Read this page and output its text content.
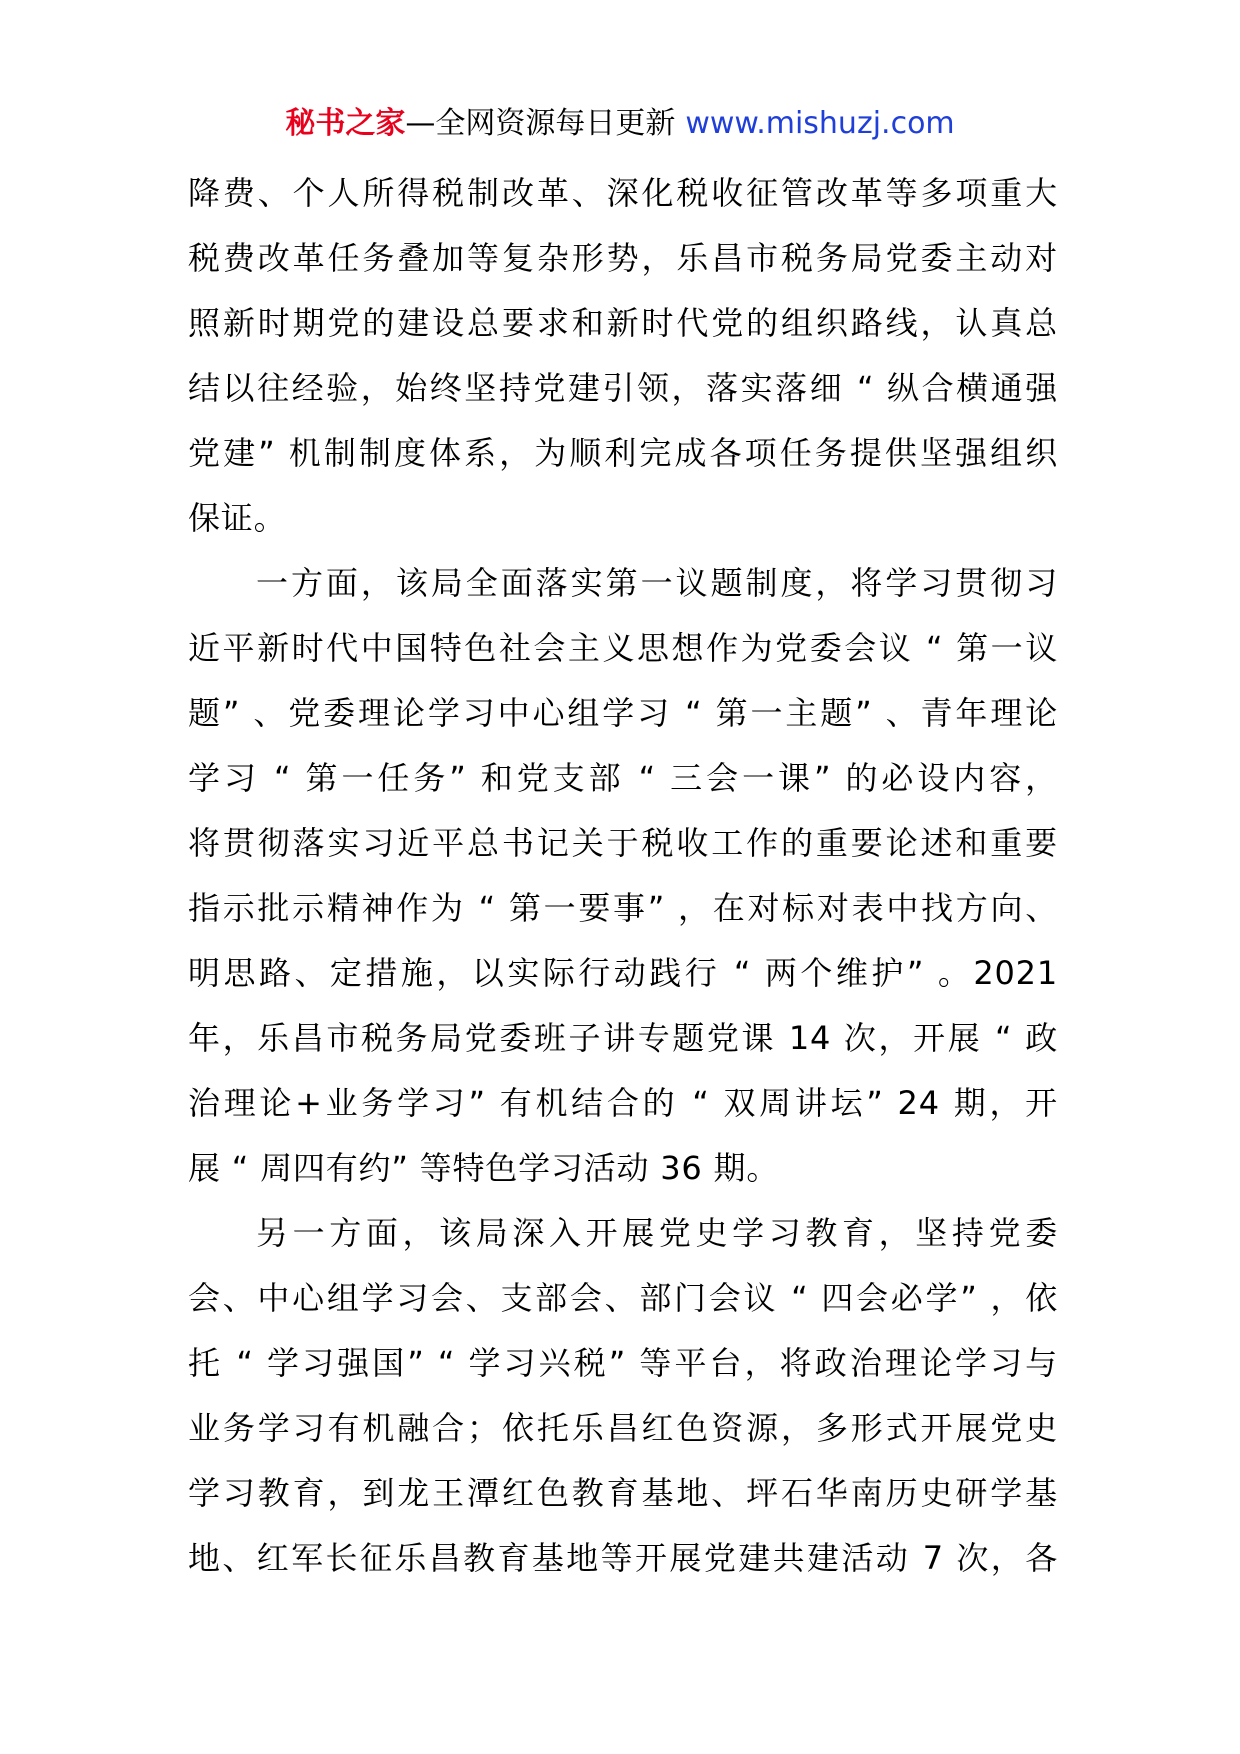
秘书之家—全网资源每日更新 www.mishuzj.com
降费、个人所得税制改革、深化税收征管改革等多项重大
税费改革任务叠加等复杂形势，乐昌市税务局党委主动对
照新时期党的建设总要求和新时代党的组织路线，认真总
结以往经验，始终坚持党建引领，落实落细 “ 纵合横通强
党建” 机制制度体系，为顺利完成各项任务提供坚强组织
保证。
一方面，该局全面落实第一议题制度，将学习贯彻习
近平新时代中国特色社会主义思想作为党委会议 “ 第一议
题” 、党委理论学习中心组学习 “ 第一主题” 、青年理论
学习 “ 第一任务” 和党支部 “ 三会一课” 的必设内容，
将贯彻落实习近平总书记关于税收工作的重要论述和重要
指示批示精神作为 “ 第一要事” ，在对标对表中找方向、
明思路、定措施，以实际行动践行 “ 两个维护” 。2021
年，乐昌市税务局党委班子讲专题党课 14 次，开展 “ 政
治理论+业务学习” 有机结合的 “ 双周讲坛” 24 期，开
展 “ 周四有约” 等特色学习活动 36 期。
另一方面，该局深入开展党史学习教育，坚持党委
会、中心组学习会、支部会、部门会议 “ 四会必学” ，依
托 “ 学习强国” “ 学习兴税” 等平台，将政治理论学习与
业务学习有机融合；依托乐昌红色资源，多形式开展党史
学习教育，到龙王潭红色教育基地、坪石华南历史研学基
地、红军长征乐昌教育基地等开展党建共建活动 7 次，各
